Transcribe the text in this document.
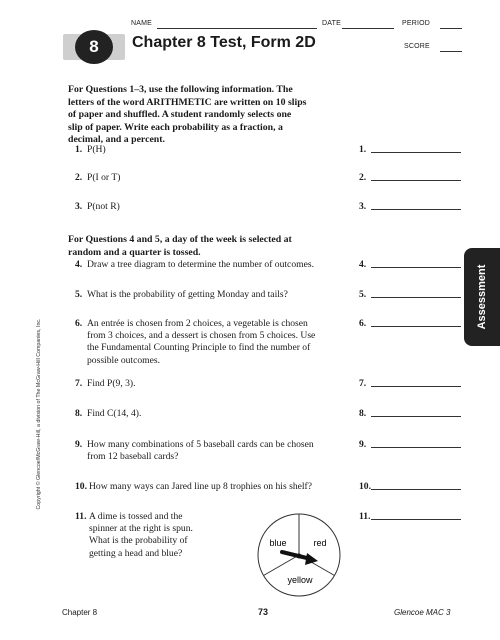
NAME	DATE	PERIOD
SCORE
8	Chapter 8 Test, Form 2D
For Questions 1–3, use the following information. The
letters of the word ARITHMETIC are written on 10 slips
of paper and shuffled. A student randomly selects one
slip of paper. Write each probability as a fraction, a
decimal, and a percent.
1. P(H)	1.
2. P(I or T)	2.
3. P(not R)	3.
For Questions 4 and 5, a day of the week is selected at
random and a quarter is tossed.
4. Draw a tree diagram to determine the number of outcomes.	4.
5. What is the probability of getting Monday and tails?	5.
6. An entrée is chosen from 2 choices, a vegetable is chosen
from 3 choices, and a dessert is chosen from 5 choices. Use
the Fundamental Counting Principle to find the number of
possible outcomes.
6.
7. Find P(9, 3).	7.
8. Find C(14, 4).	8.
9. How many combinations of 5 baseball cards can be chosen
from 12 baseball cards?
9.
10. How many ways can Jared line up 8 trophies on his shelf?	10.
11. A dime is tossed and the
spinner at the right is spun.
What is the probability of
getting a head and blue?
11.
blue	red
yellow
Assessment
Copyright © Glencoe/McGraw-Hill, a division of The McGraw-Hill Companies, Inc.
Chapter 8	73	Glencoe MAC 3
